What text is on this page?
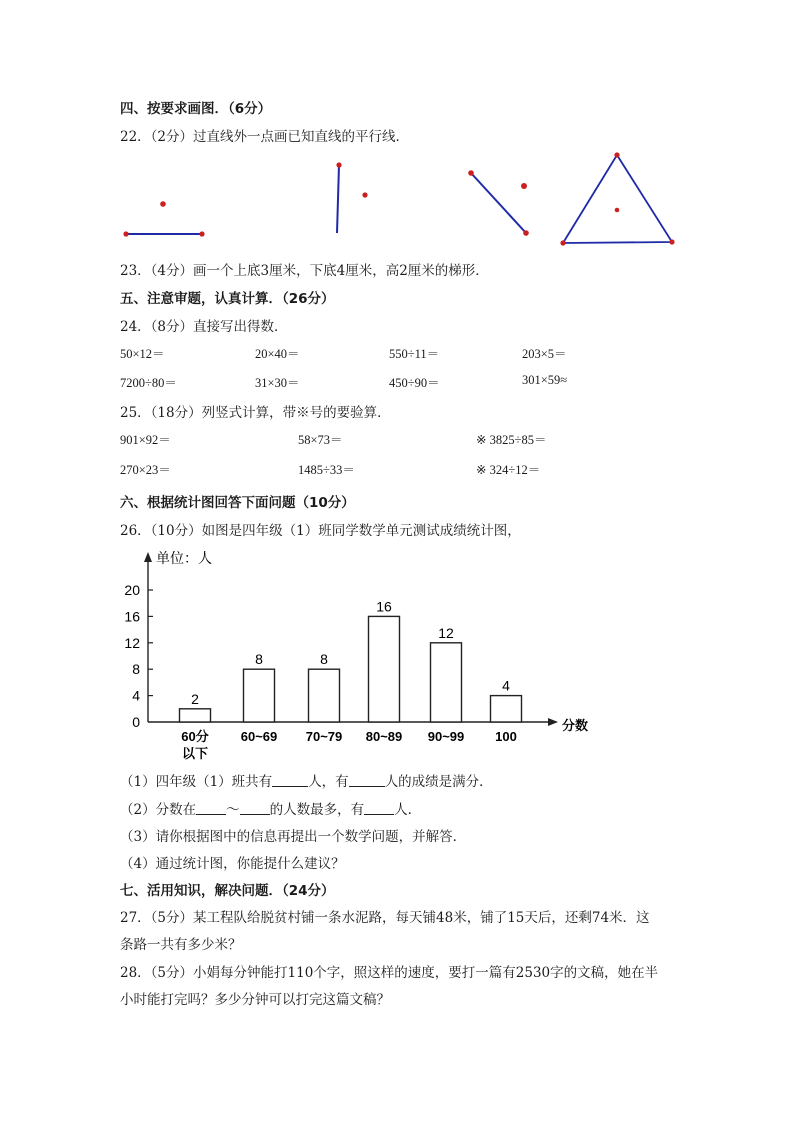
四、按要求画图．（6分）
22．（2分）过直线外一点画已知直线的平行线．
23．（4分）画一个上底3厘米，下底4厘米，高2厘米的梯形．
五、注意审题，认真计算．（26分）
24．（8分）直接写出得数．
50×12＝	20×40＝	550÷11＝	203×5＝
7200÷80＝	31×30＝	450÷90＝	301×59≈
25．（18分）列竖式计算，带※号的要验算．
901×92＝	58×73＝	※ 3825÷85＝
270×23＝	1485÷33＝	※ 324÷12＝
六、根据统计图回答下面问题（10分）
26．（10分）如图是四年级（1）班同学数学单元测试成绩统计图，
单位：人
分数
0
4
8
12
16
20
2
60分
以下
8
60~69
8
70~79
16
80~89
12
90~99
4
100
（1）四年级（1）班共有	人，有	人的成绩是满分．
（2）分数在 ～ 的人数最多，有 人．
（3）请你根据图中的信息再提出一个数学问题，并解答．
（4）通过统计图，你能提什么建议？
七、活用知识，解决问题．（24分）
27．（5分）某工程队给脱贫村铺一条水泥路，每天铺48米，铺了15天后，还剩74米．这
条路一共有多少米？
28．（5分）小娟每分钟能打110个字，照这样的速度，要打一篇有2530字的文稿，她在半
小时能打完吗？多少分钟可以打完这篇文稿？
